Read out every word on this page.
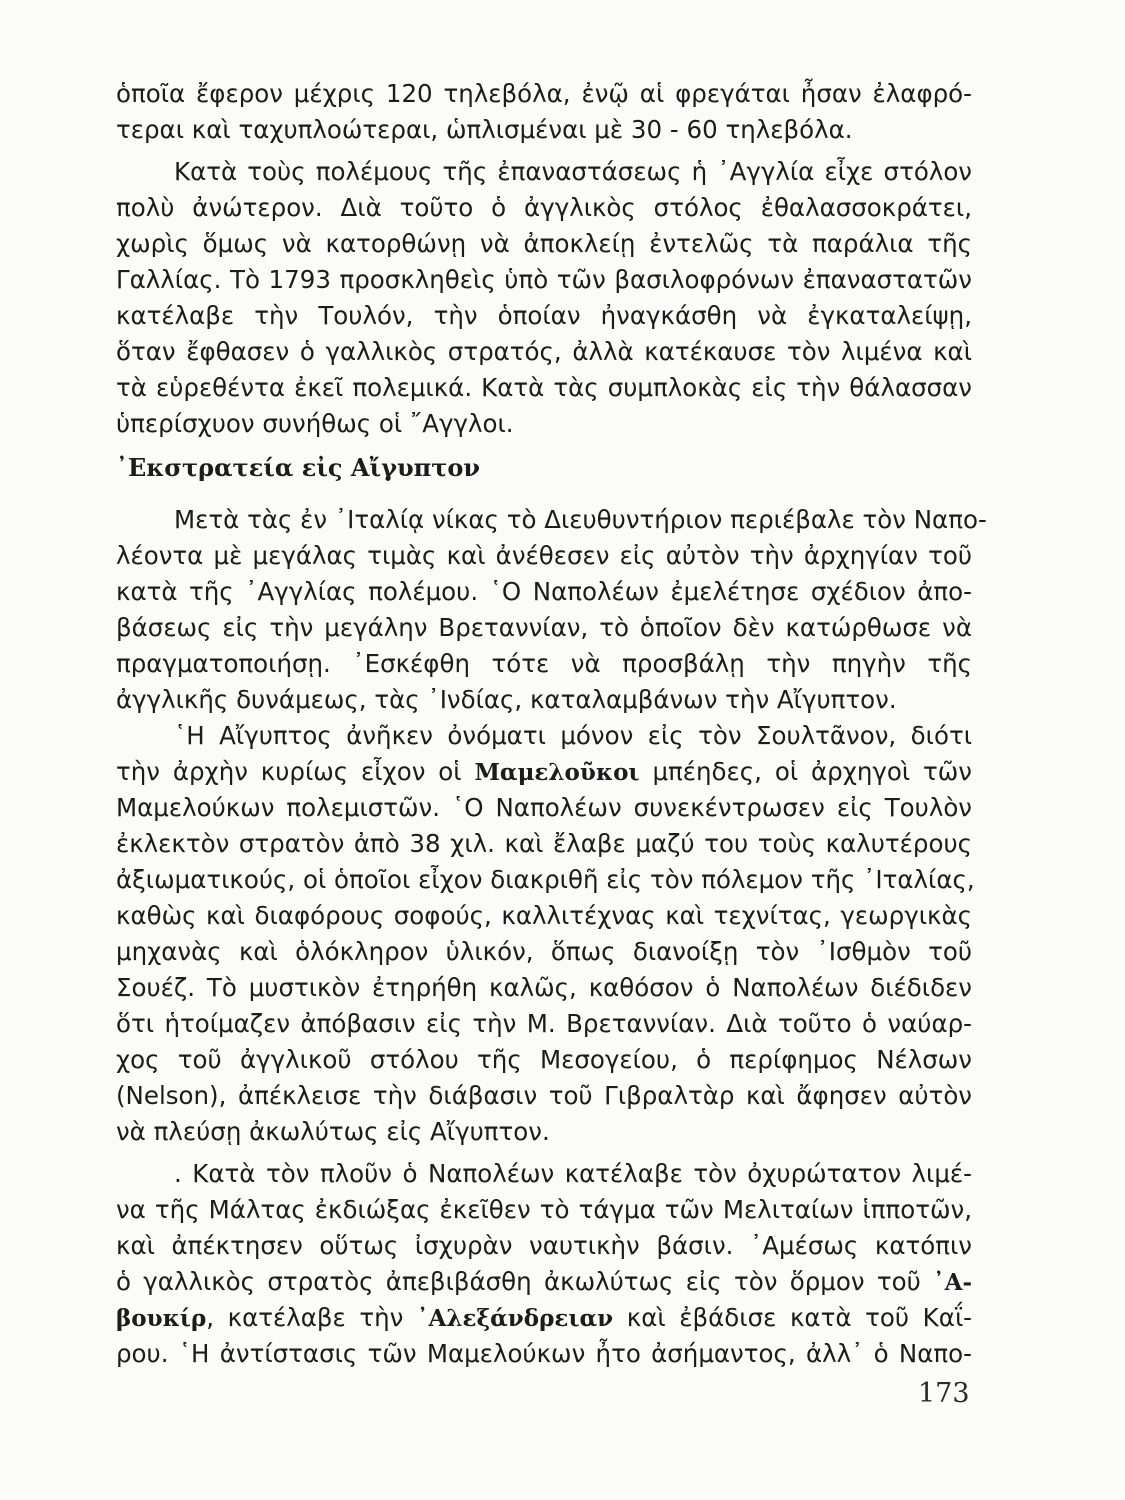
ὁποῖα ἔφερον μέχρις 120 τηλεβόλα, ἐνῷ αἱ φρεγάται ἦσαν ἐλαφρό-
τεραι καὶ ταχυπλοώτεραι, ὡπλισμέναι μὲ 30 - 60 τηλεβόλα.
Κατὰ τοὺς πολέμους τῆς ἐπαναστάσεως ἡ ᾿Αγγλία εἶχε στόλον
πολὺ ἀνώτερον. Διὰ τοῦτο ὁ ἀγγλικὸς στόλος ἐθαλασσοκράτει,
χωρὶς ὅμως νὰ κατορθώνῃ νὰ ἀποκλείῃ ἐντελῶς τὰ παράλια τῆς
Γαλλίας. Τὸ 1793 προσκληθεὶς ὑπὸ τῶν βασιλοφρόνων ἐπαναστατῶν
κατέλαβε τὴν Τουλόν, τὴν ὁποίαν ἠναγκάσθη νὰ ἐγκαταλείψῃ,
ὅταν ἔφθασεν ὁ γαλλικὸς στρατός, ἀλλὰ κατέκαυσε τὸν λιμένα καὶ
τὰ εὑρεθέντα ἐκεῖ πολεμικά. Κατὰ τὰς συμπλοκὰς εἰς τὴν θάλασσαν
ὑπερίσχυον συνήθως οἱ ῎Αγγλοι.
᾿Εκστρατεία εἰς Αἴγυπτον
Μετὰ τὰς ἐν ᾿Ιταλίᾳ νίκας τὸ Διευθυντήριον περιέβαλε τὸν Ναπο-
λέοντα μὲ μεγάλας τιμὰς καὶ ἀνέθεσεν εἰς αὐτὸν τὴν ἀρχηγίαν τοῦ
κατὰ τῆς ᾿Αγγλίας πολέμου. ῾Ο Ναπολέων ἐμελέτησε σχέδιον ἀπο-
βάσεως εἰς τὴν μεγάλην Βρεταννίαν, τὸ ὁποῖον δὲν κατώρθωσε νὰ
πραγματοποιήσῃ. ᾿Εσκέφθη τότε νὰ προσβάλῃ τὴν πηγὴν τῆς
ἀγγλικῆς δυνάμεως, τὰς ᾿Ινδίας, καταλαμβάνων τὴν Αἴγυπτον.
῾Η Αἴγυπτος ἀνῆκεν ὀνόματι μόνον εἰς τὸν Σουλτᾶνον, διότι
τὴν ἀρχὴν κυρίως εἶχον οἱ Μαμελοῦκοι μπέηδες, οἱ ἀρχηγοὶ τῶν
Μαμελούκων πολεμιστῶν. ῾Ο Ναπολέων συνεκέντρωσεν εἰς Τουλὸν
ἐκλεκτὸν στρατὸν ἀπὸ 38 χιλ. καὶ ἔλαβε μαζύ του τοὺς καλυτέρους
ἀξιωματικούς, οἱ ὁποῖοι εἶχον διακριθῆ εἰς τὸν πόλεμον τῆς ᾿Ιταλίας,
καθὼς καὶ διαφόρους σοφούς, καλλιτέχνας καὶ τεχνίτας, γεωργικὰς
μηχανὰς καὶ ὁλόκληρον ὑλικόν, ὅπως διανοίξῃ τὸν ᾿Ισθμὸν τοῦ
Σουέζ. Τὸ μυστικὸν ἐτηρήθη καλῶς, καθόσον ὁ Ναπολέων διέδιδεν
ὅτι ἡτοίμαζεν ἀπόβασιν εἰς τὴν Μ. Βρεταννίαν. Διὰ τοῦτο ὁ ναύαρ-
χος τοῦ ἀγγλικοῦ στόλου τῆς Μεσογείου, ὁ περίφημος Νέλσων
(Nelson), ἀπέκλεισε τὴν διάβασιν τοῦ Γιβραλτὰρ καὶ ἄφησεν αὐτὸν
νὰ πλεύσῃ ἀκωλύτως εἰς Αἴγυπτον.
. Κατὰ τὸν πλοῦν ὁ Ναπολέων κατέλαβε τὸν ὀχυρώτατον λιμέ-
να τῆς Μάλτας ἐκδιώξας ἐκεῖθεν τὸ τάγμα τῶν Μελιταίων ἱπποτῶν,
καὶ ἀπέκτησεν οὕτως ἰσχυρὰν ναυτικὴν βάσιν. ᾿Αμέσως κατόπιν
ὁ γαλλικὸς στρατὸς ἀπεβιβάσθη ἀκωλύτως εἰς τὸν ὅρμον τοῦ ᾿Α-
βουκίρ, κατέλαβε τὴν ᾿Αλεξάνδρειαν καὶ ἐβάδισε κατὰ τοῦ Καΐ-
ρου. ῾Η ἀντίστασις τῶν Μαμελούκων ἦτο ἀσήμαντος, ἀλλ᾿ ὁ Ναπο-
173
